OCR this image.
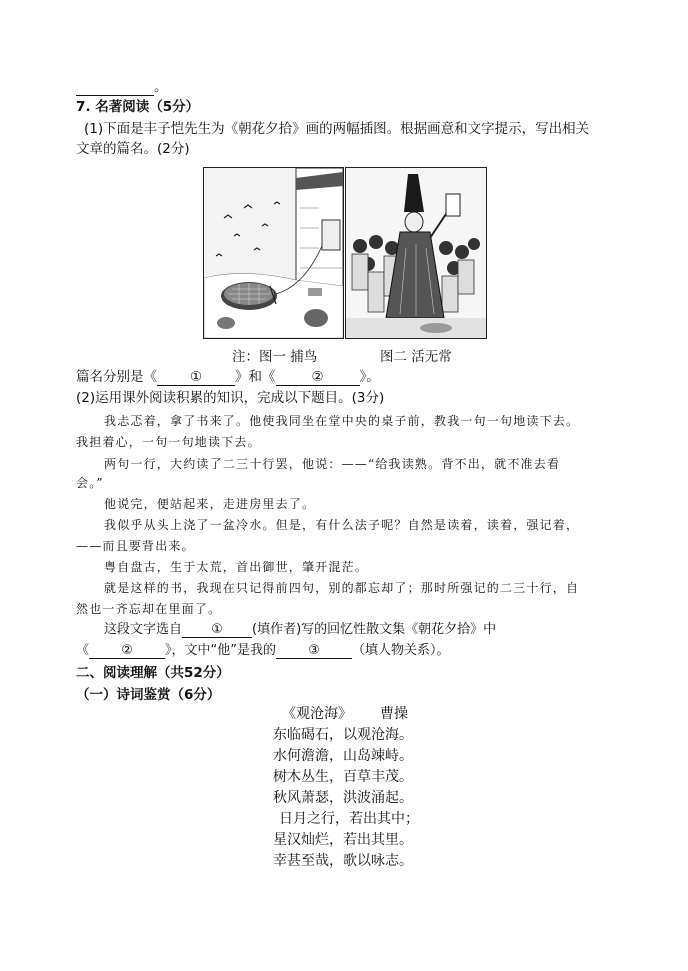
。
7. 名著阅读（5分）
(1)下面是丰子恺先生为《朝花夕拾》画的两幅插图。根据画意和文字提示，写出相关
文章的篇名。(2分)
注：图一 捕鸟	图二 活无常
篇名分别是《 ① 》和《	②	》。
(2)运用课外阅读积累的知识，完成以下题目。(3分)
我忐忑着，拿了书来了。他使我同坐在堂中央的桌子前，教我一句一句地读下去。
我担着心，一句一句地读下去。
两句一行，大约读了二三十行罢，他说：——“给我读熟。背不出，就不准去看
会。”
他说完，便站起来，走进房里去了。
我似乎从头上浇了一盆冷水。但是，有什么法子呢？自然是读着，读着，强记着，
——而且要背出来。
粤自盘古，生于太荒，首出御世，肇开混茫。
就是这样的书，我现在只记得前四句，别的都忘却了；那时所强记的二三十行，自
然也一齐忘却在里面了。
这段文字选自 ① (填作者)写的回忆性散文集《朝花夕拾》中
《 ② 》，文中“他”是我的 ③ （填人物关系）。
二、阅读理解（共52分）
（一）诗词鉴赏（6分）
《观沧海》 曹操
东临碣石，以观沧海。
水何澹澹，山岛竦峙。
树木丛生，百草丰茂。
秋风萧瑟，洪波涌起。
日月之行，若出其中；
星汉灿烂，若出其里。
幸甚至哉，歌以咏志。
